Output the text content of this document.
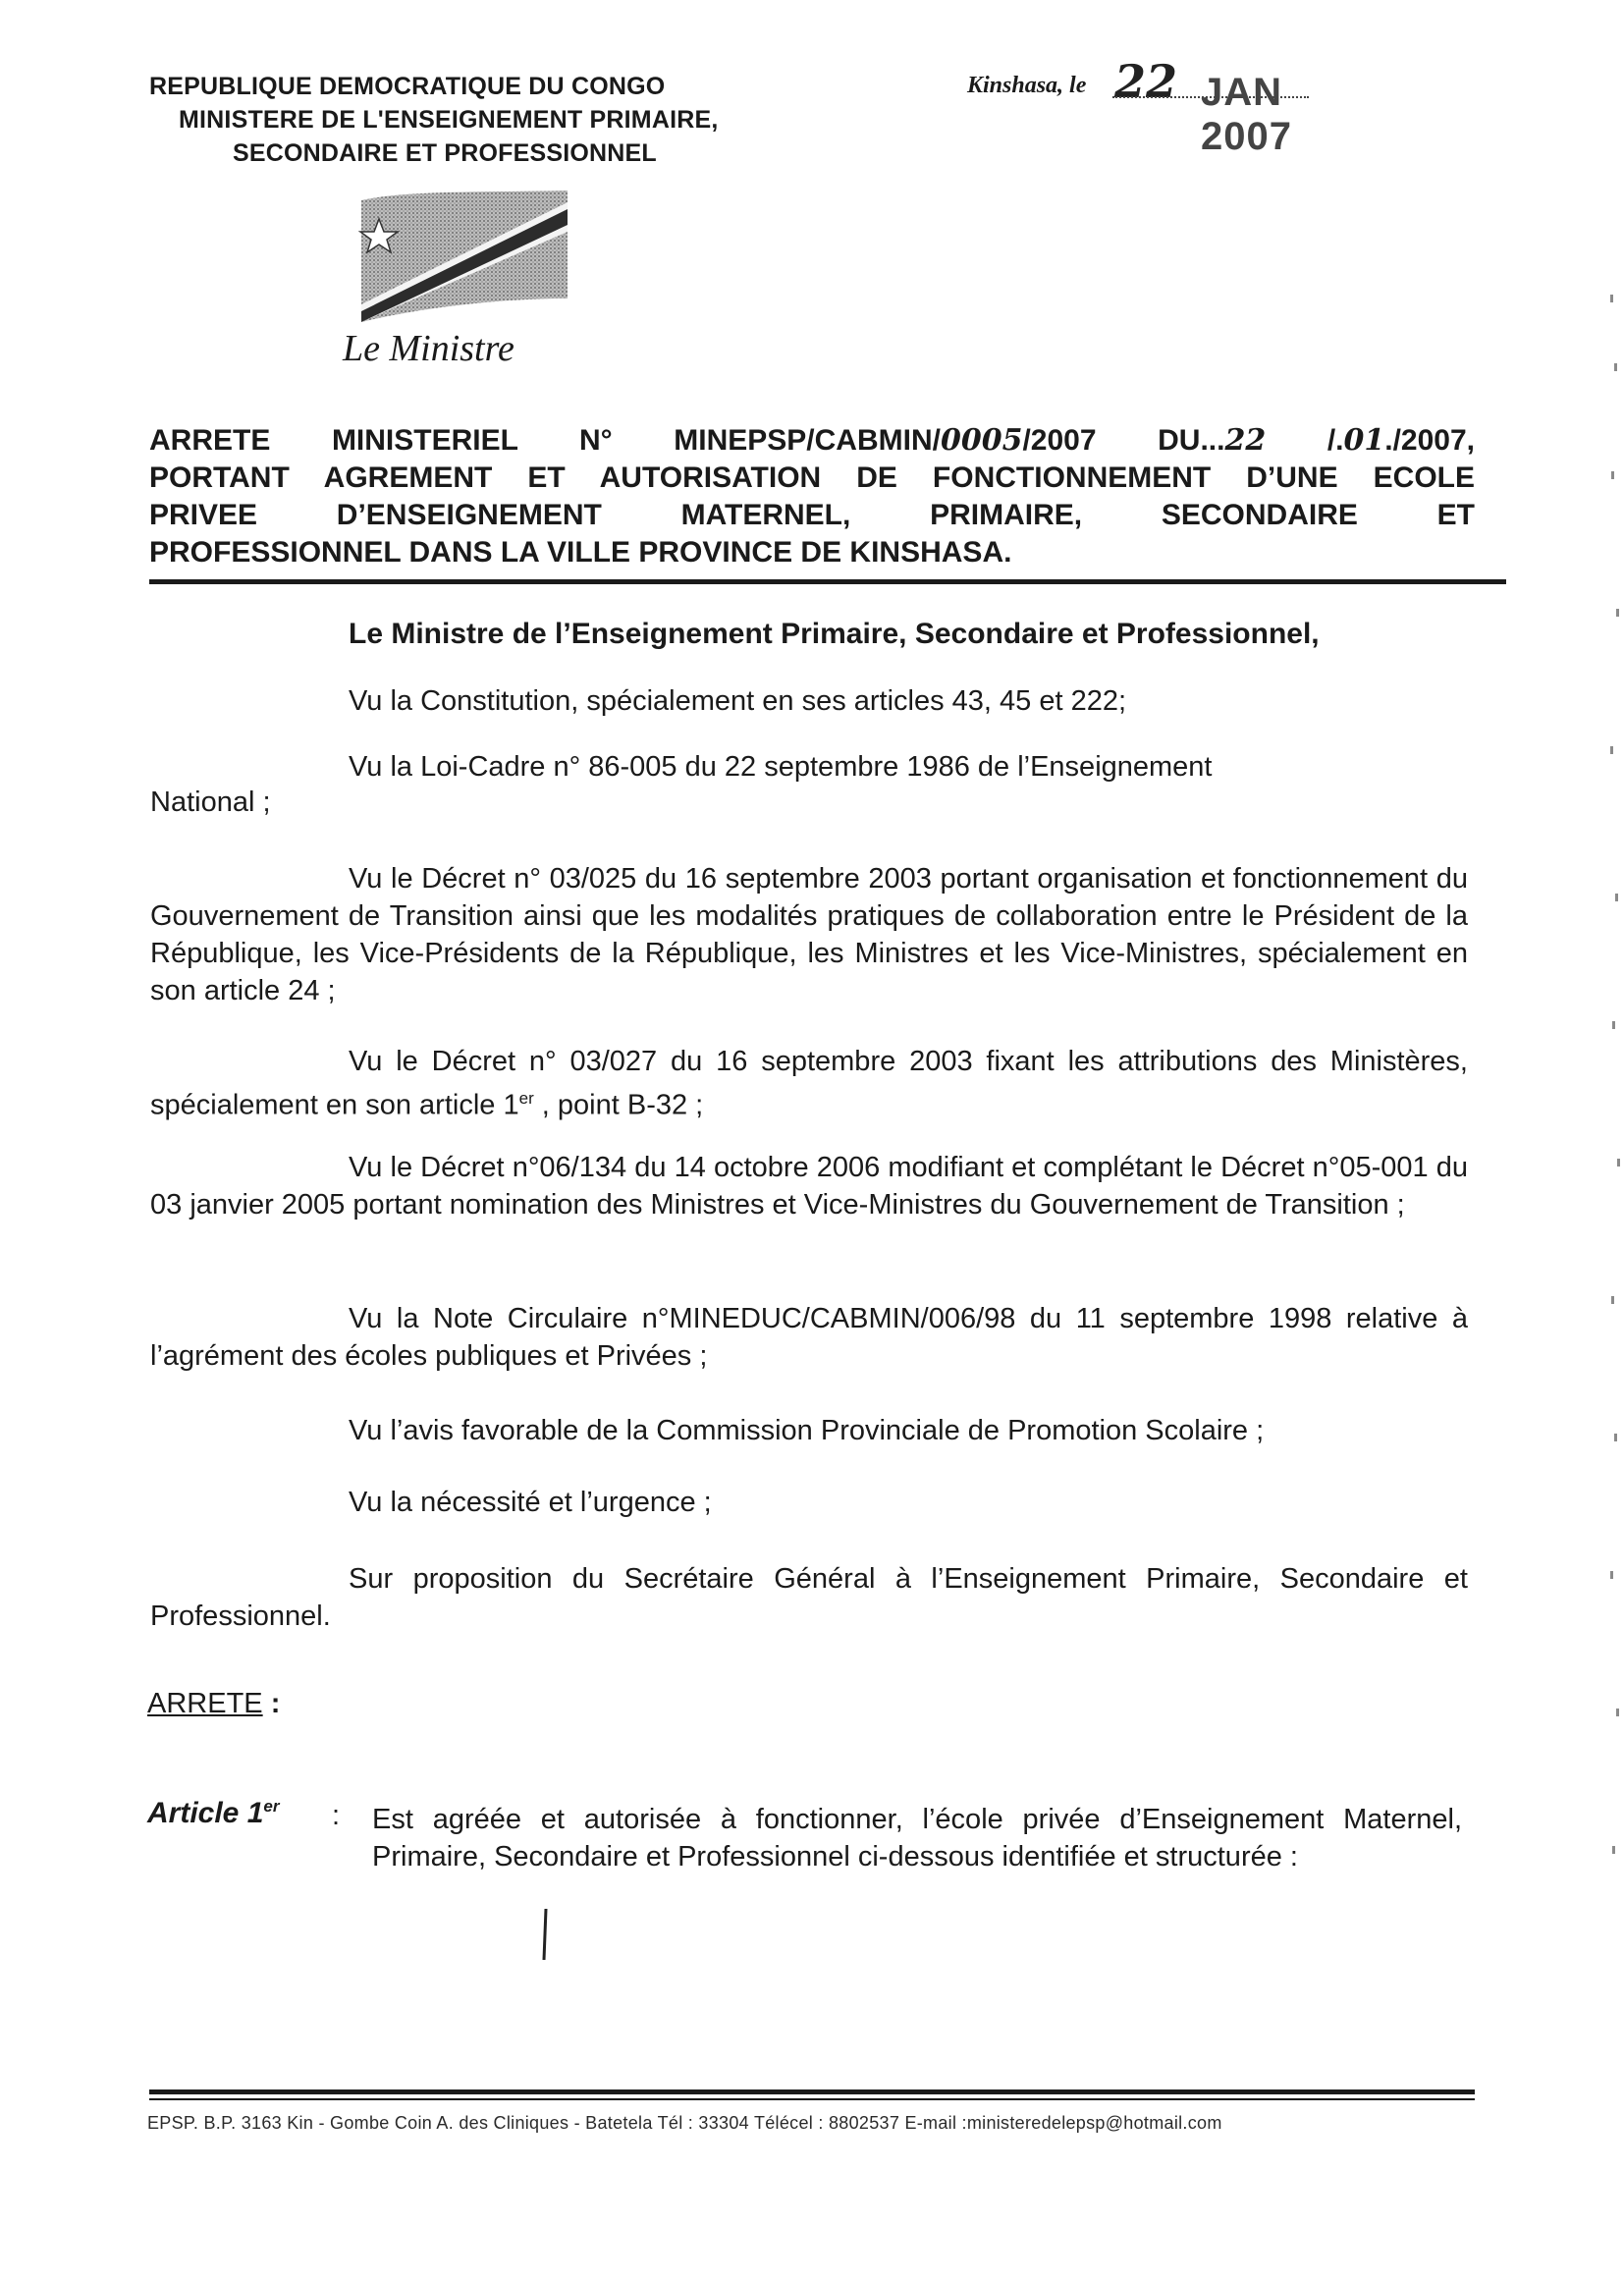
REPUBLIQUE DEMOCRATIQUE DU CONGO
MINISTERE DE L'ENSEIGNEMENT PRIMAIRE,
SECONDAIRE ET PROFESSIONNEL
Kinshasa, le 22 JAN 2007
Le Ministre
ARRETE MINISTERIEL N° MINEPSP/CABMIN/0005/2007 DU...22 /.01./2007,
PORTANT AGREMENT ET AUTORISATION DE FONCTIONNEMENT D’UNE ECOLE
PRIVEE D’ENSEIGNEMENT MATERNEL, PRIMAIRE, SECONDAIRE ET
PROFESSIONNEL DANS LA VILLE PROVINCE DE KINSHASA.
Le Ministre de l’Enseignement Primaire, Secondaire et Professionnel,
Vu la Constitution, spécialement en ses articles 43, 45 et 222;
Vu la Loi-Cadre n° 86-005 du 22 septembre 1986 de l’Enseignement
National ;
Vu le Décret n° 03/025 du 16 septembre 2003 portant organisation et fonctionnement du Gouvernement de Transition ainsi que les modalités pratiques de collaboration entre le Président de la République, les Vice-Présidents de la République, les Ministres et les Vice-Ministres, spécialement en son article 24 ;
Vu le Décret n° 03/027 du 16 septembre 2003 fixant les attributions des Ministères, spécialement en son article 1er , point B-32 ;
Vu le Décret n°06/134 du 14 octobre 2006 modifiant et complétant le Décret n°05-001 du 03 janvier 2005 portant nomination des Ministres et Vice-Ministres du Gouvernement de Transition ;
Vu la Note Circulaire n°MINEDUC/CABMIN/006/98 du 11 septembre 1998 relative à l’agrément des écoles publiques et Privées ;
Vu l’avis favorable de la Commission Provinciale de Promotion Scolaire ;
Vu la nécessité et l’urgence ;
Sur proposition du Secrétaire Général à l’Enseignement Primaire, Secondaire et Professionnel.
ARRETE :
Article 1er : Est agréée et autorisée à fonctionner, l’école privée d’Enseignement Maternel, Primaire, Secondaire et Professionnel ci-dessous identifiée et structurée :
EPSP. B.P. 3163 Kin - Gombe Coin A. des Cliniques - Batetela Tél : 33304 Télécel : 8802537 E-mail :ministeredelepsp@hotmail.com
